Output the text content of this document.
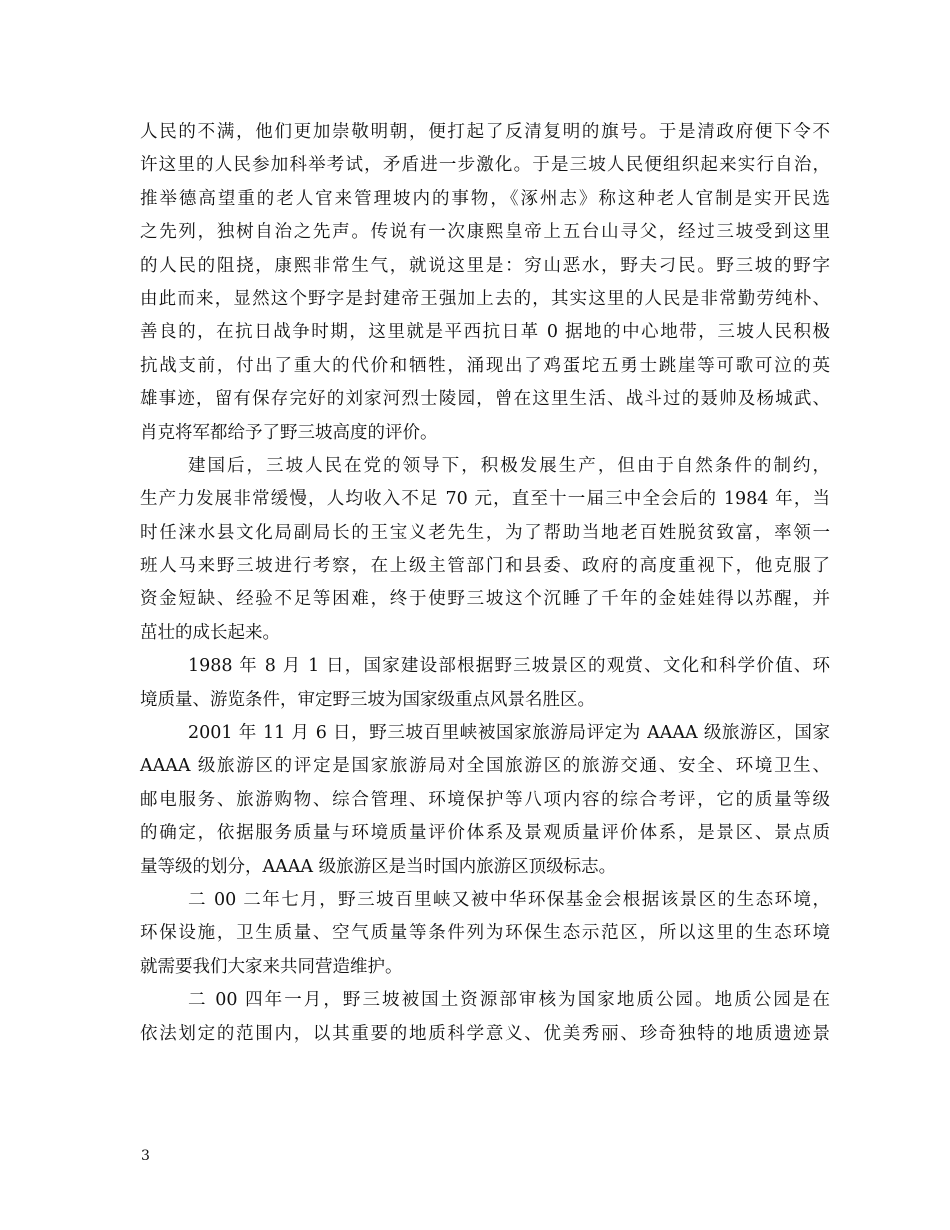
人民的不满，他们更加崇敬明朝，便打起了反清复明的旗号。于是清政府便下令不
许这里的人民参加科举考试，矛盾进一步激化。于是三坡人民便组织起来实行自治，
推举德高望重的老人官来管理坡内的事物，《涿州志》称这种老人官制是实开民选
之先列，独树自治之先声。传说有一次康熙皇帝上五台山寻父，经过三坡受到这里
的人民的阻挠，康熙非常生气，就说这里是：穷山恶水，野夫刁民。野三坡的野字
由此而来，显然这个野字是封建帝王强加上去的，其实这里的人民是非常勤劳纯朴、
善良的，在抗日战争时期，这里就是平西抗日革 0 据地的中心地带，三坡人民积极
抗战支前，付出了重大的代价和牺牲，涌现出了鸡蛋坨五勇士跳崖等可歌可泣的英
雄事迹，留有保存完好的刘家河烈士陵园，曾在这里生活、战斗过的聂帅及杨城武、
肖克将军都给予了野三坡高度的评价。
建国后，三坡人民在党的领导下，积极发展生产，但由于自然条件的制约，
生产力发展非常缓慢，人均收入不足 70 元，直至十一届三中全会后的 1984 年，当
时任涞水县文化局副局长的王宝义老先生，为了帮助当地老百姓脱贫致富，率领一
班人马来野三坡进行考察，在上级主管部门和县委、政府的高度重视下，他克服了
资金短缺、经验不足等困难，终于使野三坡这个沉睡了千年的金娃娃得以苏醒，并
茁壮的成长起来。
1988 年 8 月 1 日，国家建设部根据野三坡景区的观赏、文化和科学价值、环
境质量、游览条件，审定野三坡为国家级重点风景名胜区。
2001 年 11 月 6 日，野三坡百里峡被国家旅游局评定为 AAAA 级旅游区，国家
AAAA 级旅游区的评定是国家旅游局对全国旅游区的旅游交通、安全、环境卫生、
邮电服务、旅游购物、综合管理、环境保护等八项内容的综合考评，它的质量等级
的确定，依据服务质量与环境质量评价体系及景观质量评价体系，是景区、景点质
量等级的划分，AAAA 级旅游区是当时国内旅游区顶级标志。
二 00 二年七月，野三坡百里峡又被中华环保基金会根据该景区的生态环境，
环保设施，卫生质量、空气质量等条件列为环保生态示范区，所以这里的生态环境
就需要我们大家来共同营造维护。
二 00 四年一月，野三坡被国土资源部审核为国家地质公园。地质公园是在
依法划定的范围内，以其重要的地质科学意义、优美秀丽、珍奇独特的地质遗迹景
3
